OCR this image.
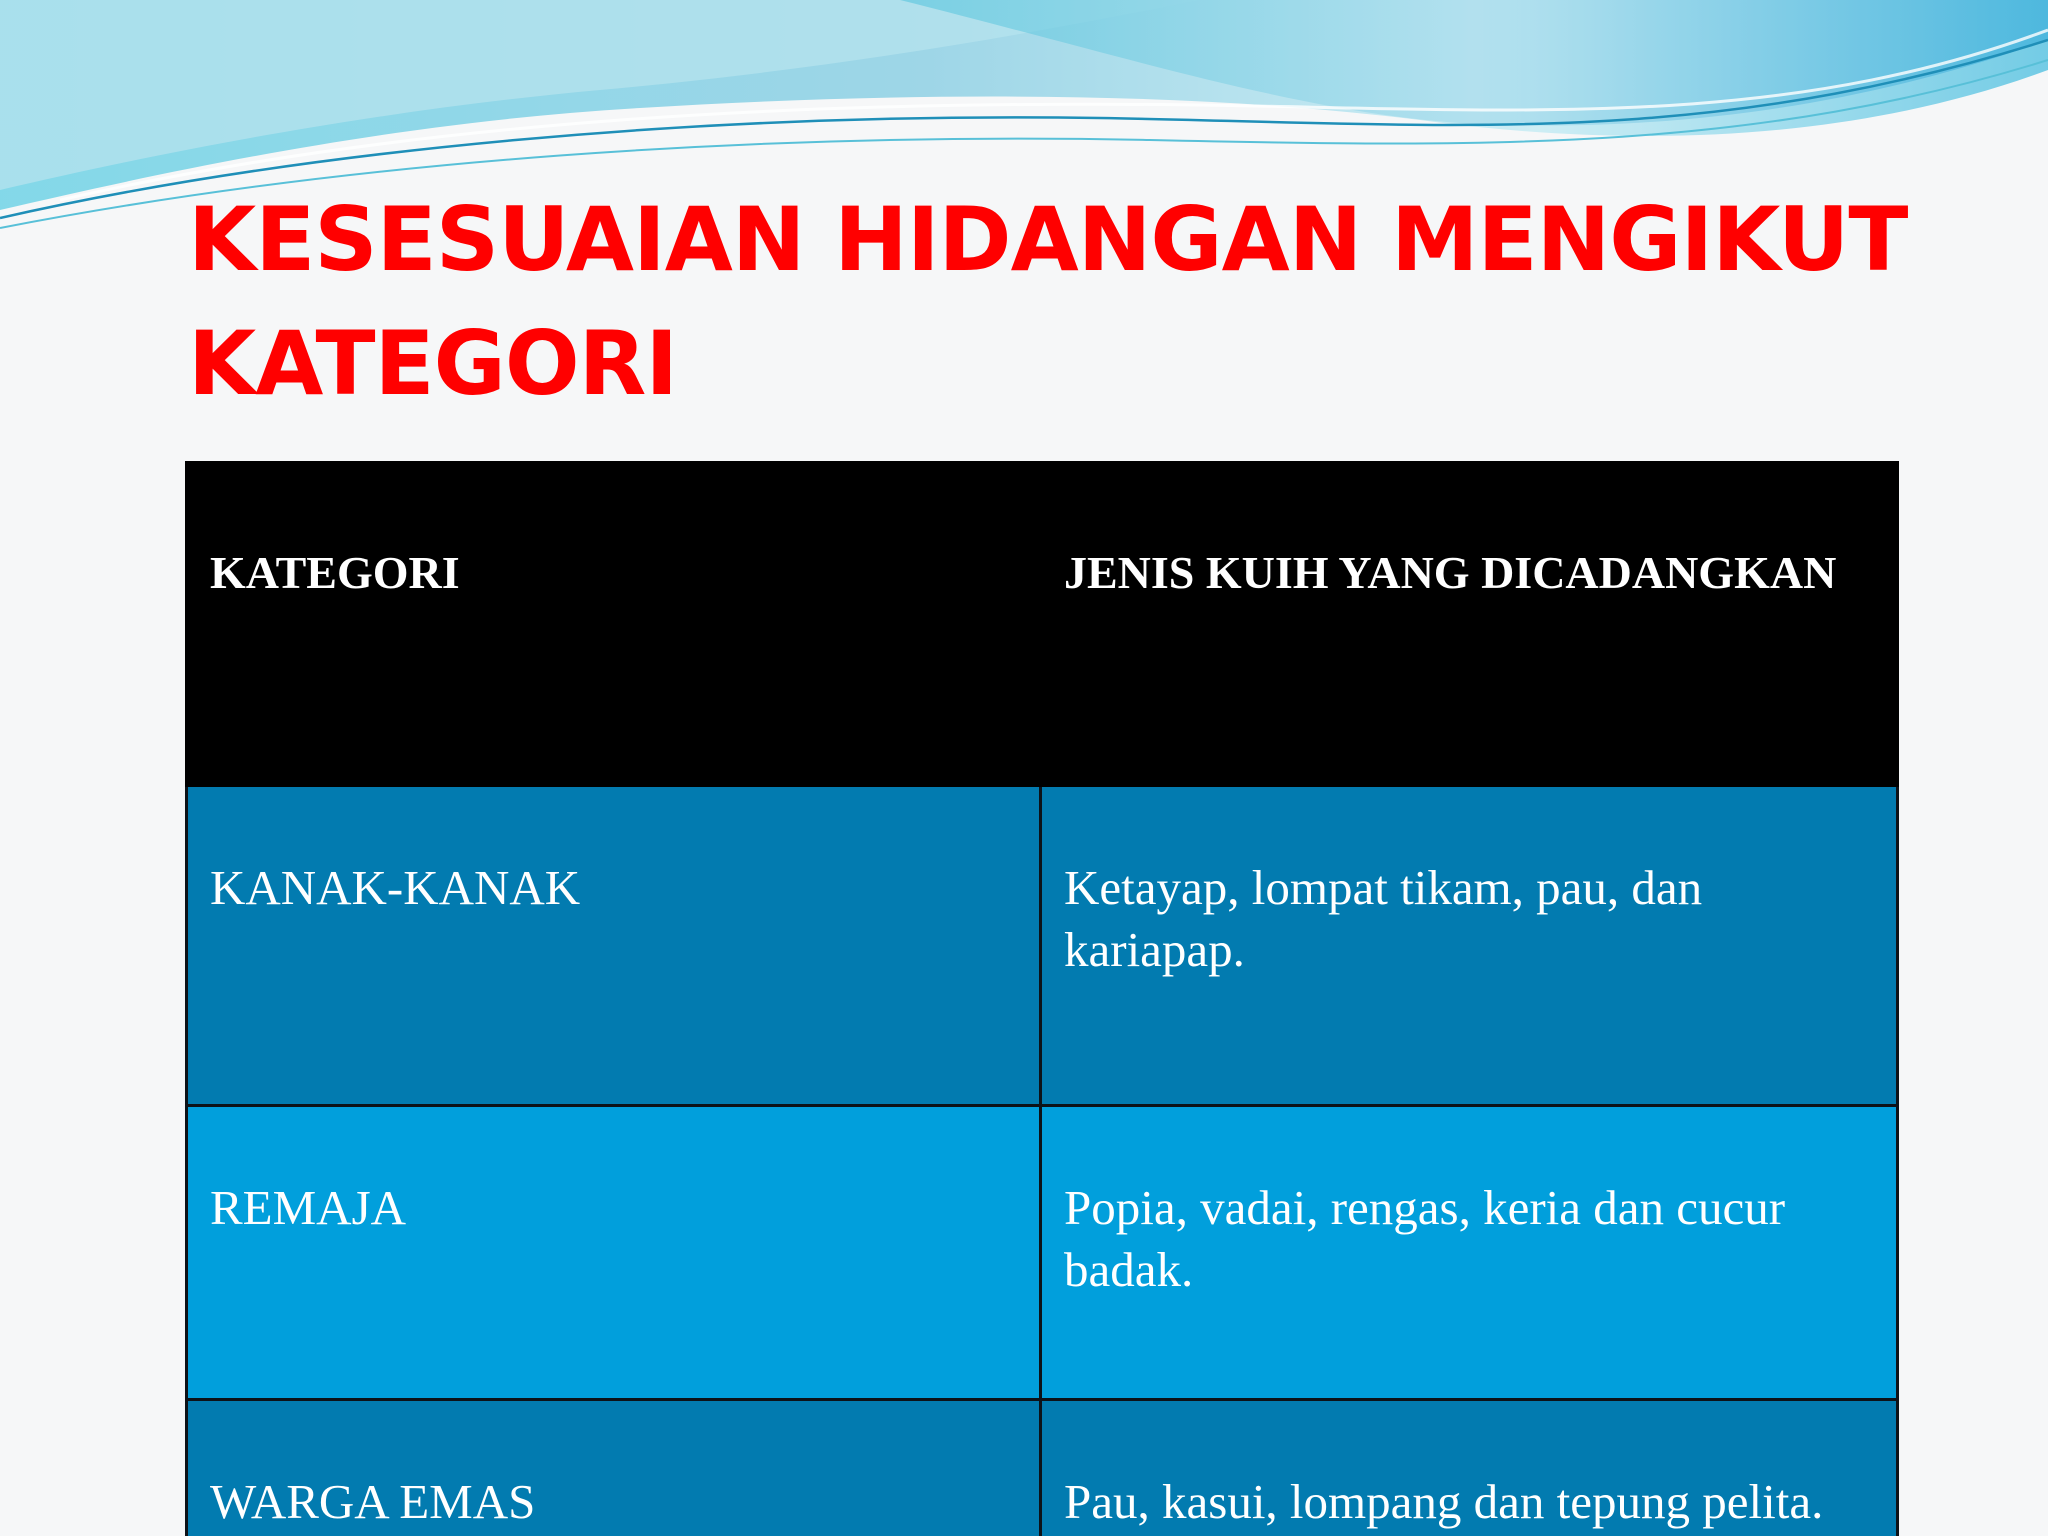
KESESUAIAN HIDANGAN MENGIKUT
KATEGORI
KATEGORI	JENIS KUIH YANG DICADANGKAN
KANAK-KANAK	Ketayap, lompat tikam, pau, dan kariapap.
REMAJA	Popia, vadai, rengas, keria dan cucur badak.
WARGA EMAS	Pau, kasui, lompang dan tepung pelita.
